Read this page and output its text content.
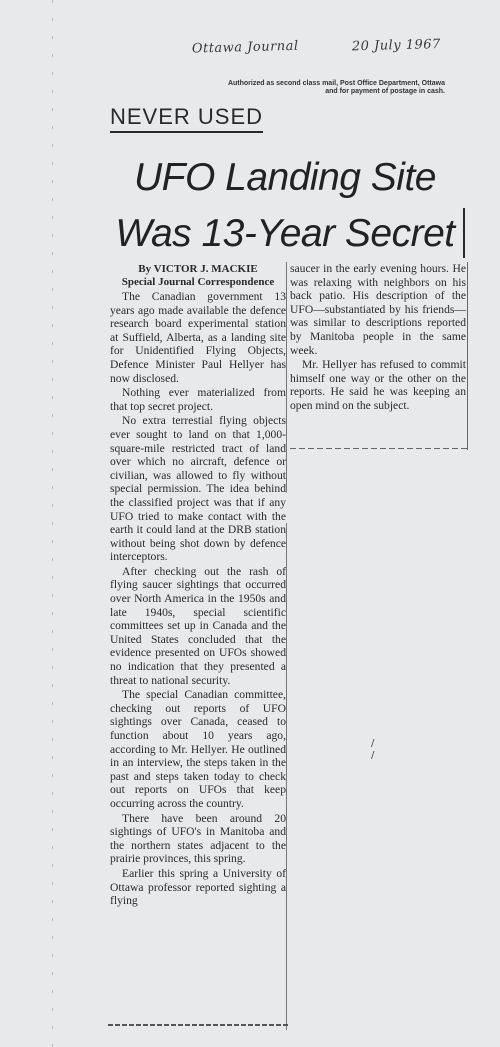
Ottawa Journal	20 July 1967
Authorized as second class mail, Post Office Department, Ottawa
and for payment of postage in cash.
NEVER USED
UFO Landing Site
Was 13-Year Secret

By VICTOR J. MACKIE

Special Journal Correspondence

The Canadian government 13 years ago made available the defence research board experimental station at Suffield, Alberta, as a landing site for Unidentified Flying Objects, Defence Minister Paul Hellyer has now disclosed.

Nothing ever materialized from that top secret project.

No extra terrestial flying objects ever sought to land on that 1,000-square-mile restricted tract of land over which no aircraft, defence or civilian, was allowed to fly without special permission. The idea behind the classified project was that if any UFO tried to make contact with the earth it could land at the DRB station without being shot down by defence interceptors.

After checking out the rash of flying saucer sightings that occurred over North America in the 1950s and late 1940s, special scientific committees set up in Canada and the United States concluded that the evidence presented on UFOs showed no indication that they presented a threat to national security.

The special Canadian committee, checking out reports of UFO sightings over Canada, ceased to function about 10 years ago, according to Mr. Hellyer. He outlined in an interview, the steps taken in the past and steps taken today to check out reports on UFOs that keep occurring across the country.

There have been around 20 sightings of UFO's in Manitoba and the northern states adjacent to the prairie provinces, this spring.

Earlier this spring a University of Ottawa professor reported sighting a flying

saucer in the early evening hours. He was relaxing with neighbors on his back patio. His description of the UFO—substantiated by his friends—was similar to descriptions reported by Manitoba people in the same week.

Mr. Hellyer has refused to commit himself one way or the other on the reports. He said he was keeping an open mind on the subject.

/
/
